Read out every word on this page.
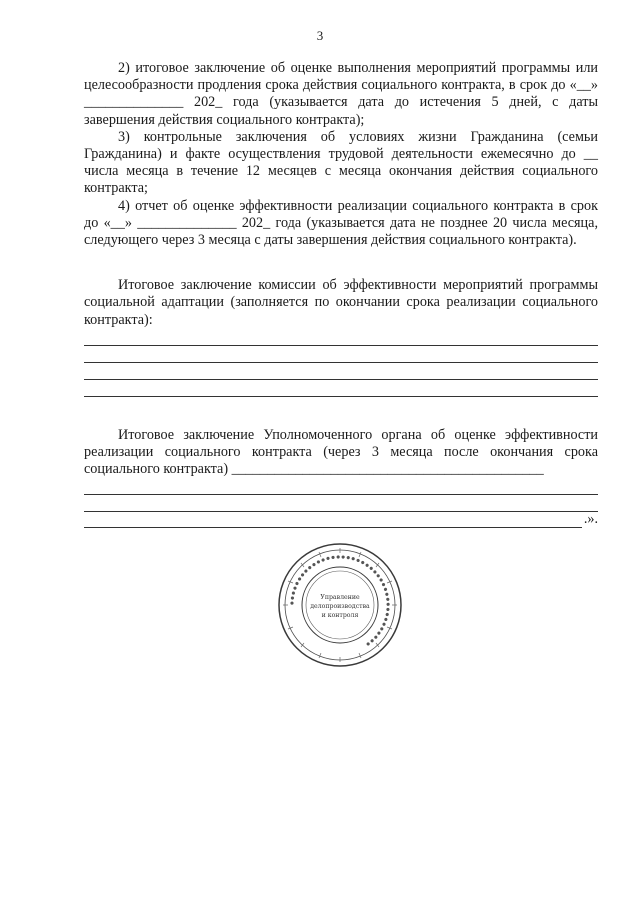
3

2) итоговое заключение об оценке выполнения мероприятий программы или целесообразности продления срока действия социального контракта, в срок до «__» ______________ 202_ года (указывается дата до истечения 5 дней, с даты завершения действия социального контракта);

3) контрольные заключения об условиях жизни Гражданина (семьи Гражданина) и факте осуществления трудовой деятельности ежемесячно до __ числа месяца в течение 12 месяцев с месяца окончания действия социального контракта;

4) отчет об оценке эффективности реализации социального контракта в срок до «__» ______________ 202_ года (указывается дата не позднее 20 числа месяца, следующего через 3 месяца с даты завершения действия социального контракта).

Итоговое заключение комиссии об эффективности мероприятий программы социальной адаптации (заполняется по окончании срока реализации социального контракта):

Итоговое заключение Уполномоченного органа об оценке эффективности реализации социального контракта (через 3 месяца после окончания срока социального контракта) ____________________________________________

.».
● ● ● ● ● ● ● ● ● ● ● ● ● ● ● ● ● ● ● ● ● ● ● ● ● ● ● ● ● ● ● ● ● ● ● ● ● ● ●
Управление
делопроизводства
и контроля
